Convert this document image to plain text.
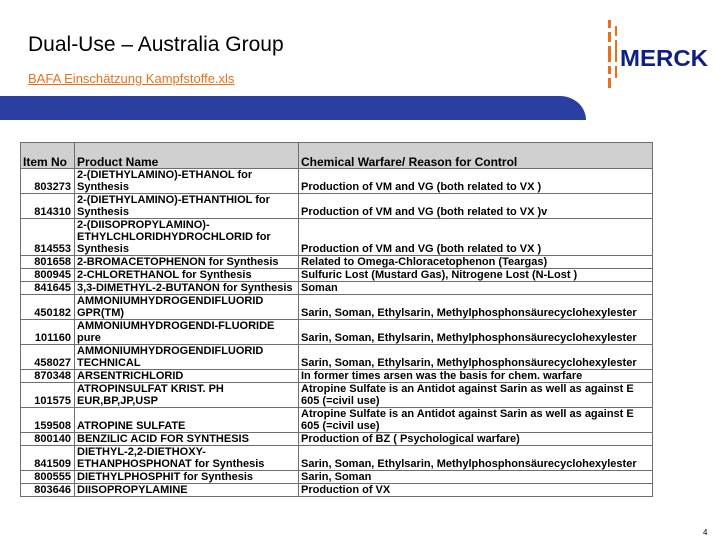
Dual-Use – Australia Group
BAFA Einschätzung Kampfstoffe.xls
MERCK
Item No	Product Name	Chemical Warfare/ Reason for Control
803273	2-(DIETHYLAMINO)-ETHANOL for Synthesis	Production of VM and VG (both related to VX )
814310	2-(DIETHYLAMINO)-ETHANTHIOL for Synthesis	Production of VM and VG (both related to VX )v
814553	2-(DIISOPROPYLAMINO)-ETHYLCHLORIDHYDROCHLORID for Synthesis	Production of VM and VG (both related to VX )
801658	2-BROMACETOPHENON for Synthesis	Related to Omega-Chloracetophenon (Teargas)
800945	2-CHLORETHANOL for Synthesis	Sulfuric Lost (Mustard Gas), Nitrogene Lost (N-Lost )
841645	3,3-DIMETHYL-2-BUTANON for Synthesis	Soman
450182	AMMONIUMHYDROGENDIFLUORID GPR(TM)	Sarin, Soman, Ethylsarin, Methylphosphonsäurecyclohexylester
101160	AMMONIUMHYDROGENDI-FLUORIDE pure	Sarin, Soman, Ethylsarin, Methylphosphonsäurecyclohexylester
458027	AMMONIUMHYDROGENDIFLUORID TECHNICAL	Sarin, Soman, Ethylsarin, Methylphosphonsäurecyclohexylester
870348	ARSENTRICHLORID	In former times arsen was the basis for chem. warfare
101575	ATROPINSULFAT KRIST. PH EUR,BP,JP,USP	Atropine Sulfate is an Antidot against Sarin as well as against E 605 (=civil use)
159508	ATROPINE SULFATE	Atropine Sulfate is an Antidot against Sarin as well as against E 605 (=civil use)
800140	BENZILIC ACID FOR SYNTHESIS	Production of BZ ( Psychological warfare)
841509	DIETHYL-2,2-DIETHOXY-ETHANPHOSPHONAT for Synthesis	Sarin, Soman, Ethylsarin, Methylphosphonsäurecyclohexylester
800555	DIETHYLPHOSPHIT for Synthesis	Sarin, Soman
803646	DIISOPROPYLAMINE	Production of VX
4
